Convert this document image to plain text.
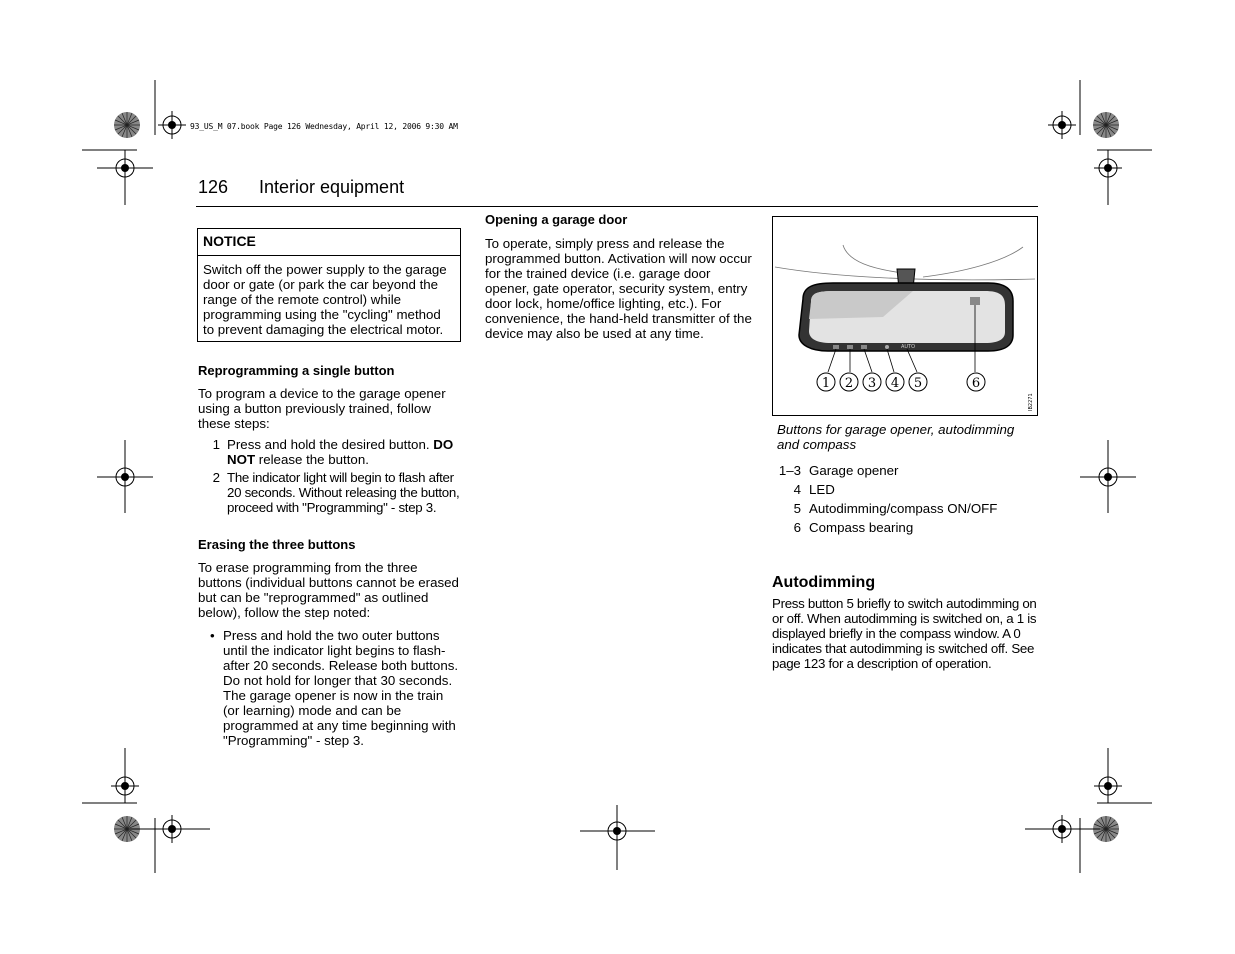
93_US_M 07.book Page 126 Wednesday, April 12, 2006 9:30 AM
126 Interior equipment
NOTICE
Switch off the power supply to the garage door or gate (or park the car beyond the range of the remote control) while programming using the "cycling" method to prevent damaging the electrical motor.
Reprogramming a single button

To program a device to the garage opener using a button previously trained, follow these steps:

1 Press and hold the desired button. DO NOT release the button.
2 The indicator light will begin to flash after 20 seconds. Without releasing the button, proceed with "Programming" - step 3.
Erasing the three buttons

To erase programming from the three buttons (individual buttons cannot be erased but can be "reprogrammed" as outlined below), follow the step noted:

• Press and hold the two outer buttons until the indicator light begins to flash-after 20 seconds. Release both buttons. Do not hold for longer that 30 seconds. The garage opener is now in the train (or learning) mode and can be programmed at any time beginning with "Programming" - step 3.
Opening a garage door

To operate, simply press and release the programmed button. Activation will now occur for the trained device (i.e. garage door opener, gate operator, security system, entry door lock, home/office lighting, etc.). For convenience, the hand-held transmitter of the device may also be used at any time.

AUTO
1 2 3 4 5	6
IB2271
Buttons for garage opener, autodimming and compass
1–3 Garage opener
4 LED
5 Autodimming/compass ON/OFF
6 Compass bearing
Autodimming

Press button 5 briefly to switch autodimming on or off. When autodimming is switched on, a 1 is displayed briefly in the compass window. A 0 indicates that autodimming is switched off. See page 123 for a description of operation.
